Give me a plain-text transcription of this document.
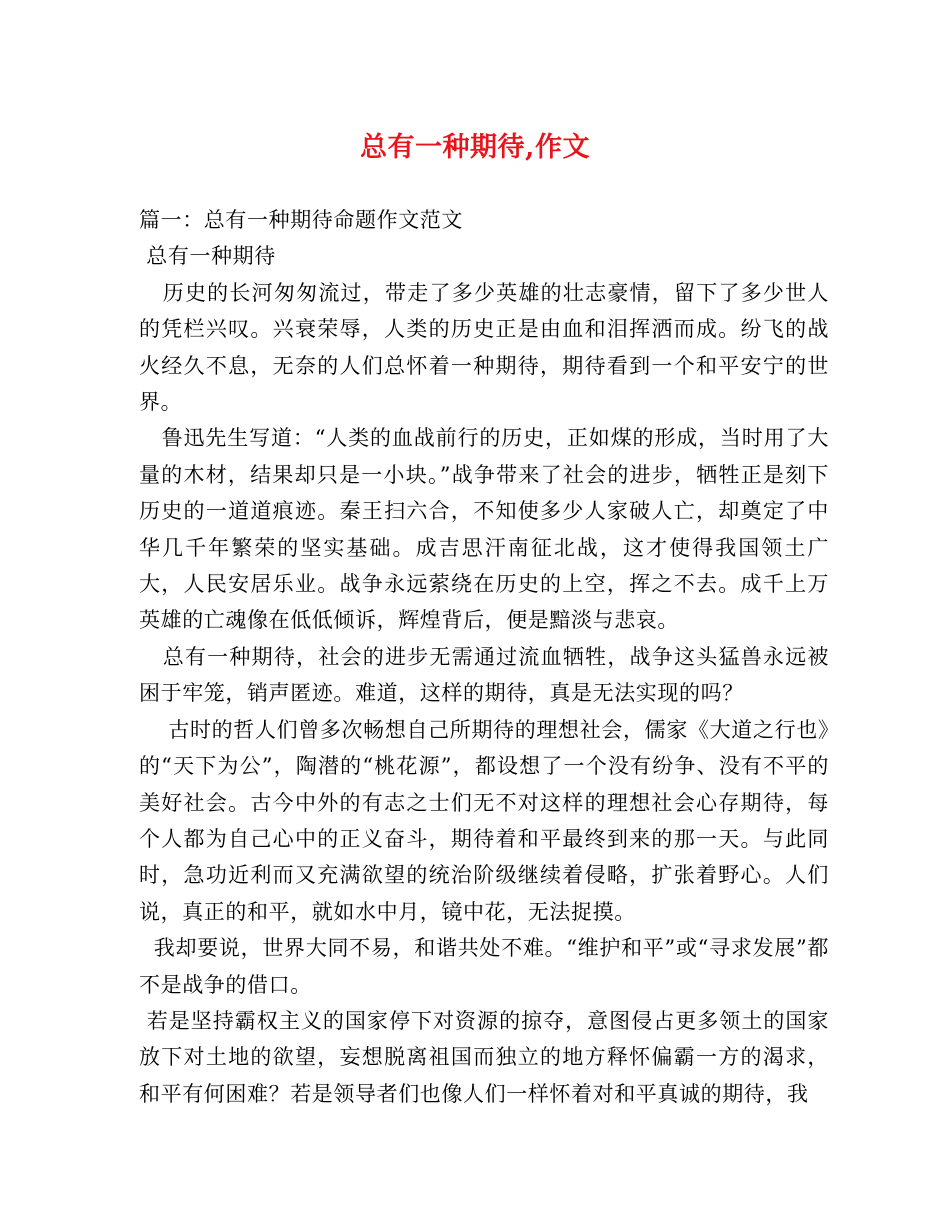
总有一种期待,作文

篇一：总有一种期待命题作文范文

总有一种期待

历史的长河匆匆流过，带走了多少英雄的壮志豪情，留下了多少世人的凭栏兴叹。兴衰荣辱，人类的历史正是由血和泪挥洒而成。纷飞的战火经久不息，无奈的人们总怀着一种期待，期待看到一个和平安宁的世界。

鲁迅先生写道：“人类的血战前行的历史，正如煤的形成，当时用了大量的木材，结果却只是一小块。”战争带来了社会的进步，牺牲正是刻下历史的一道道痕迹。秦王扫六合，不知使多少人家破人亡，却奠定了中华几千年繁荣的坚实基础。成吉思汗南征北战，这才使得我国领土广大，人民安居乐业。战争永远萦绕在历史的上空，挥之不去。成千上万英雄的亡魂像在低低倾诉，辉煌背后，便是黯淡与悲哀。

总有一种期待，社会的进步无需通过流血牺牲，战争这头猛兽永远被困于牢笼，销声匿迹。难道，这样的期待，真是无法实现的吗？

古时的哲人们曾多次畅想自己所期待的理想社会，儒家《大道之行也》的“天下为公”，陶潜的“桃花源”，都设想了一个没有纷争、没有不平的美好社会。古今中外的有志之士们无不对这样的理想社会心存期待，每个人都为自己心中的正义奋斗，期待着和平最终到来的那一天。与此同时，急功近利而又充满欲望的统治阶级继续着侵略，扩张着野心。人们说，真正的和平，就如水中月，镜中花，无法捉摸。

我却要说，世界大同不易，和谐共处不难。“维护和平”或“寻求发展”都不是战争的借口。

若是坚持霸权主义的国家停下对资源的掠夺，意图侵占更多领土的国家放下对土地的欲望，妄想脱离祖国而独立的地方释怀偏霸一方的渴求，和平有何困难？若是领导者们也像人们一样怀着对和平真诚的期待，我
